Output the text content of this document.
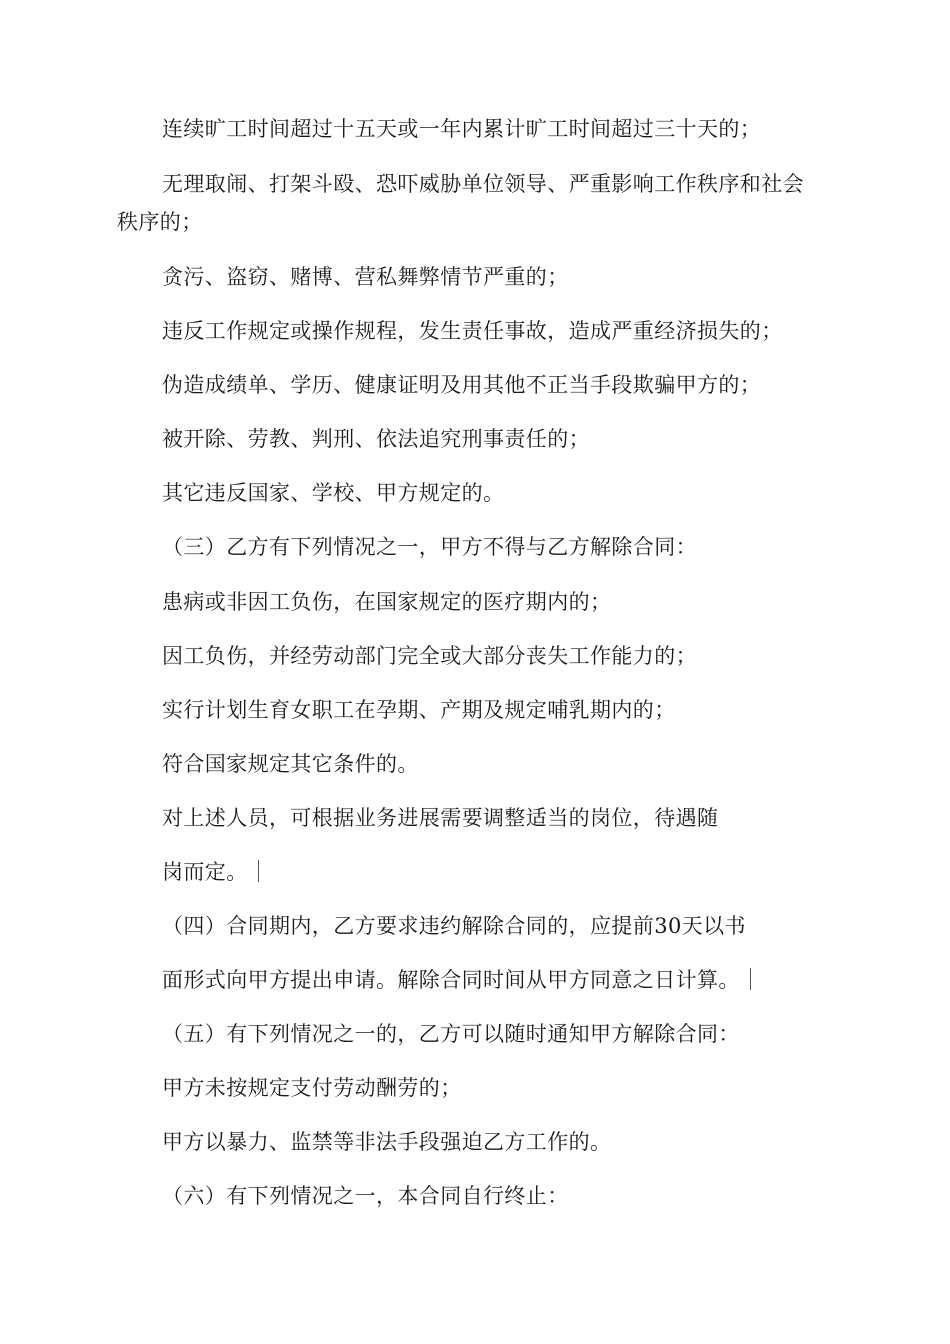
连续旷工时间超过十五天或一年内累计旷工时间超过三十天的；
无理取闹、打架斗殴、恐吓威胁单位领导、严重影响工作秩序和社会
秩序的；
贪污、盗窃、赌博、营私舞弊情节严重的；
违反工作规定或操作规程，发生责任事故，造成严重经济损失的；
伪造成绩单、学历、健康证明及用其他不正当手段欺骗甲方的；
被开除、劳教、判刑、依法追究刑事责任的；
其它违反国家、学校、甲方规定的。
（三）乙方有下列情况之一，甲方不得与乙方解除合同：
患病或非因工负伤，在国家规定的医疗期内的；
因工负伤，并经劳动部门完全或大部分丧失工作能力的；
实行计划生育女职工在孕期、产期及规定哺乳期内的；
符合国家规定其它条件的。
对上述人员，可根据业务进展需要调整适当的岗位，待遇随
岗而定。
（四）合同期内，乙方要求违约解除合同的，应提前30天以书
面形式向甲方提出申请。解除合同时间从甲方同意之日计算。
（五）有下列情况之一的，乙方可以随时通知甲方解除合同：
甲方未按规定支付劳动酬劳的；
甲方以暴力、监禁等非法手段强迫乙方工作的。
（六）有下列情况之一，本合同自行终止：
